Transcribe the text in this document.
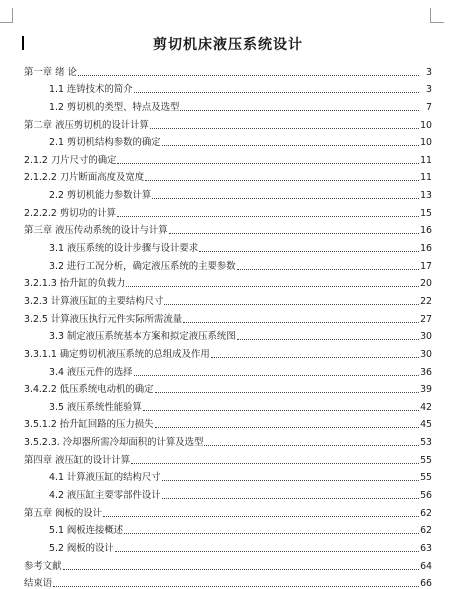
剪切机床液压系统设计
第一章 绪 论	3
1.1 连铸技术的简介	3
1.2 剪切机的类型、特点及选型	7
第二章 液压剪切机的设计计算	10
2.1 剪切机结构参数的确定	10
2.1.2 刀片尺寸的确定	11
2.1.2.2 刀片断面高度及宽度	11
2.2 剪切机能力参数计算	13
2.2.2.2 剪切功的计算	15
第三章 液压传动系统的设计与计算	16
3.1 液压系统的设计步骤与设计要求	16
3.2 进行工况分析，确定液压系统的主要参数	17
3.2.1.3 抬升缸的负载力	20
3.2.3 计算液压缸的主要结构尺寸	22
3.2.5 计算液压执行元件实际所需流量	27
3.3 制定液压系统基本方案和拟定液压系统图	30
3.3.1.1 确定剪切机液压系统的总组成及作用	30
3.4 液压元件的选择	36
3.4.2.2 低压系统电动机的确定	39
3.5 液压系统性能验算	42
3.5.1.2 抬升缸回路的压力损失	45
3.5.2.3. 冷却器所需冷却面积的计算及选型	53
第四章 液压缸的设计计算	55
4.1 计算液压缸的结构尺寸	55
4.2 液压缸主要零部件设计	56
第五章 阀板的设计	62
5.1 阀板连接概述	62
5.2 阀板的设计	63
参考文献	64
结束语	66
